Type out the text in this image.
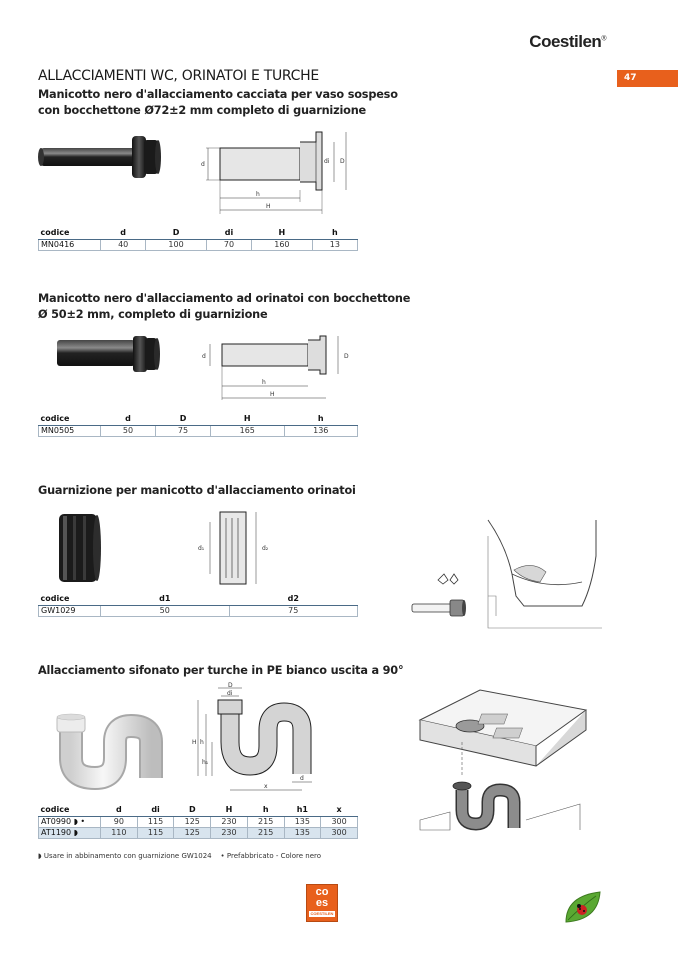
Coestilen®
47
ALLACCIAMENTI WC, ORINATOI E TURCHE
Manicotto nero d'allacciamento cacciata per vaso sospeso
con bocchettone Ø72±2 mm completo di guarnizione
d	di D
h
H
codice	d	D	di	H	h
MN0416	40	100	70	160	13
Manicotto nero d'allacciamento ad orinatoi con bocchettone
Ø 50±2 mm, completo di guarnizione
d	D
h
H
codice	d	D	H	h
MN0505	50	75	165	136
Guarnizione per manicotto d'allacciamento orinatoi
d₁	d₂
codice	d1	d2
GW1029	50	75
Allacciamento sifonato per turche in PE bianco uscita a 90°
D
di
H h
h₁
x
d
codice	d	di	D	H	h	h1	x
AT0990 ◗ •	90	115	125	230	215	135	300
AT1190 ◗	110	115	125	230	215	135	300
◗ Usare in abbinamento con guarnizione GW1024 • Prefabbricato - Colore nero
co
es
COESTILEN
